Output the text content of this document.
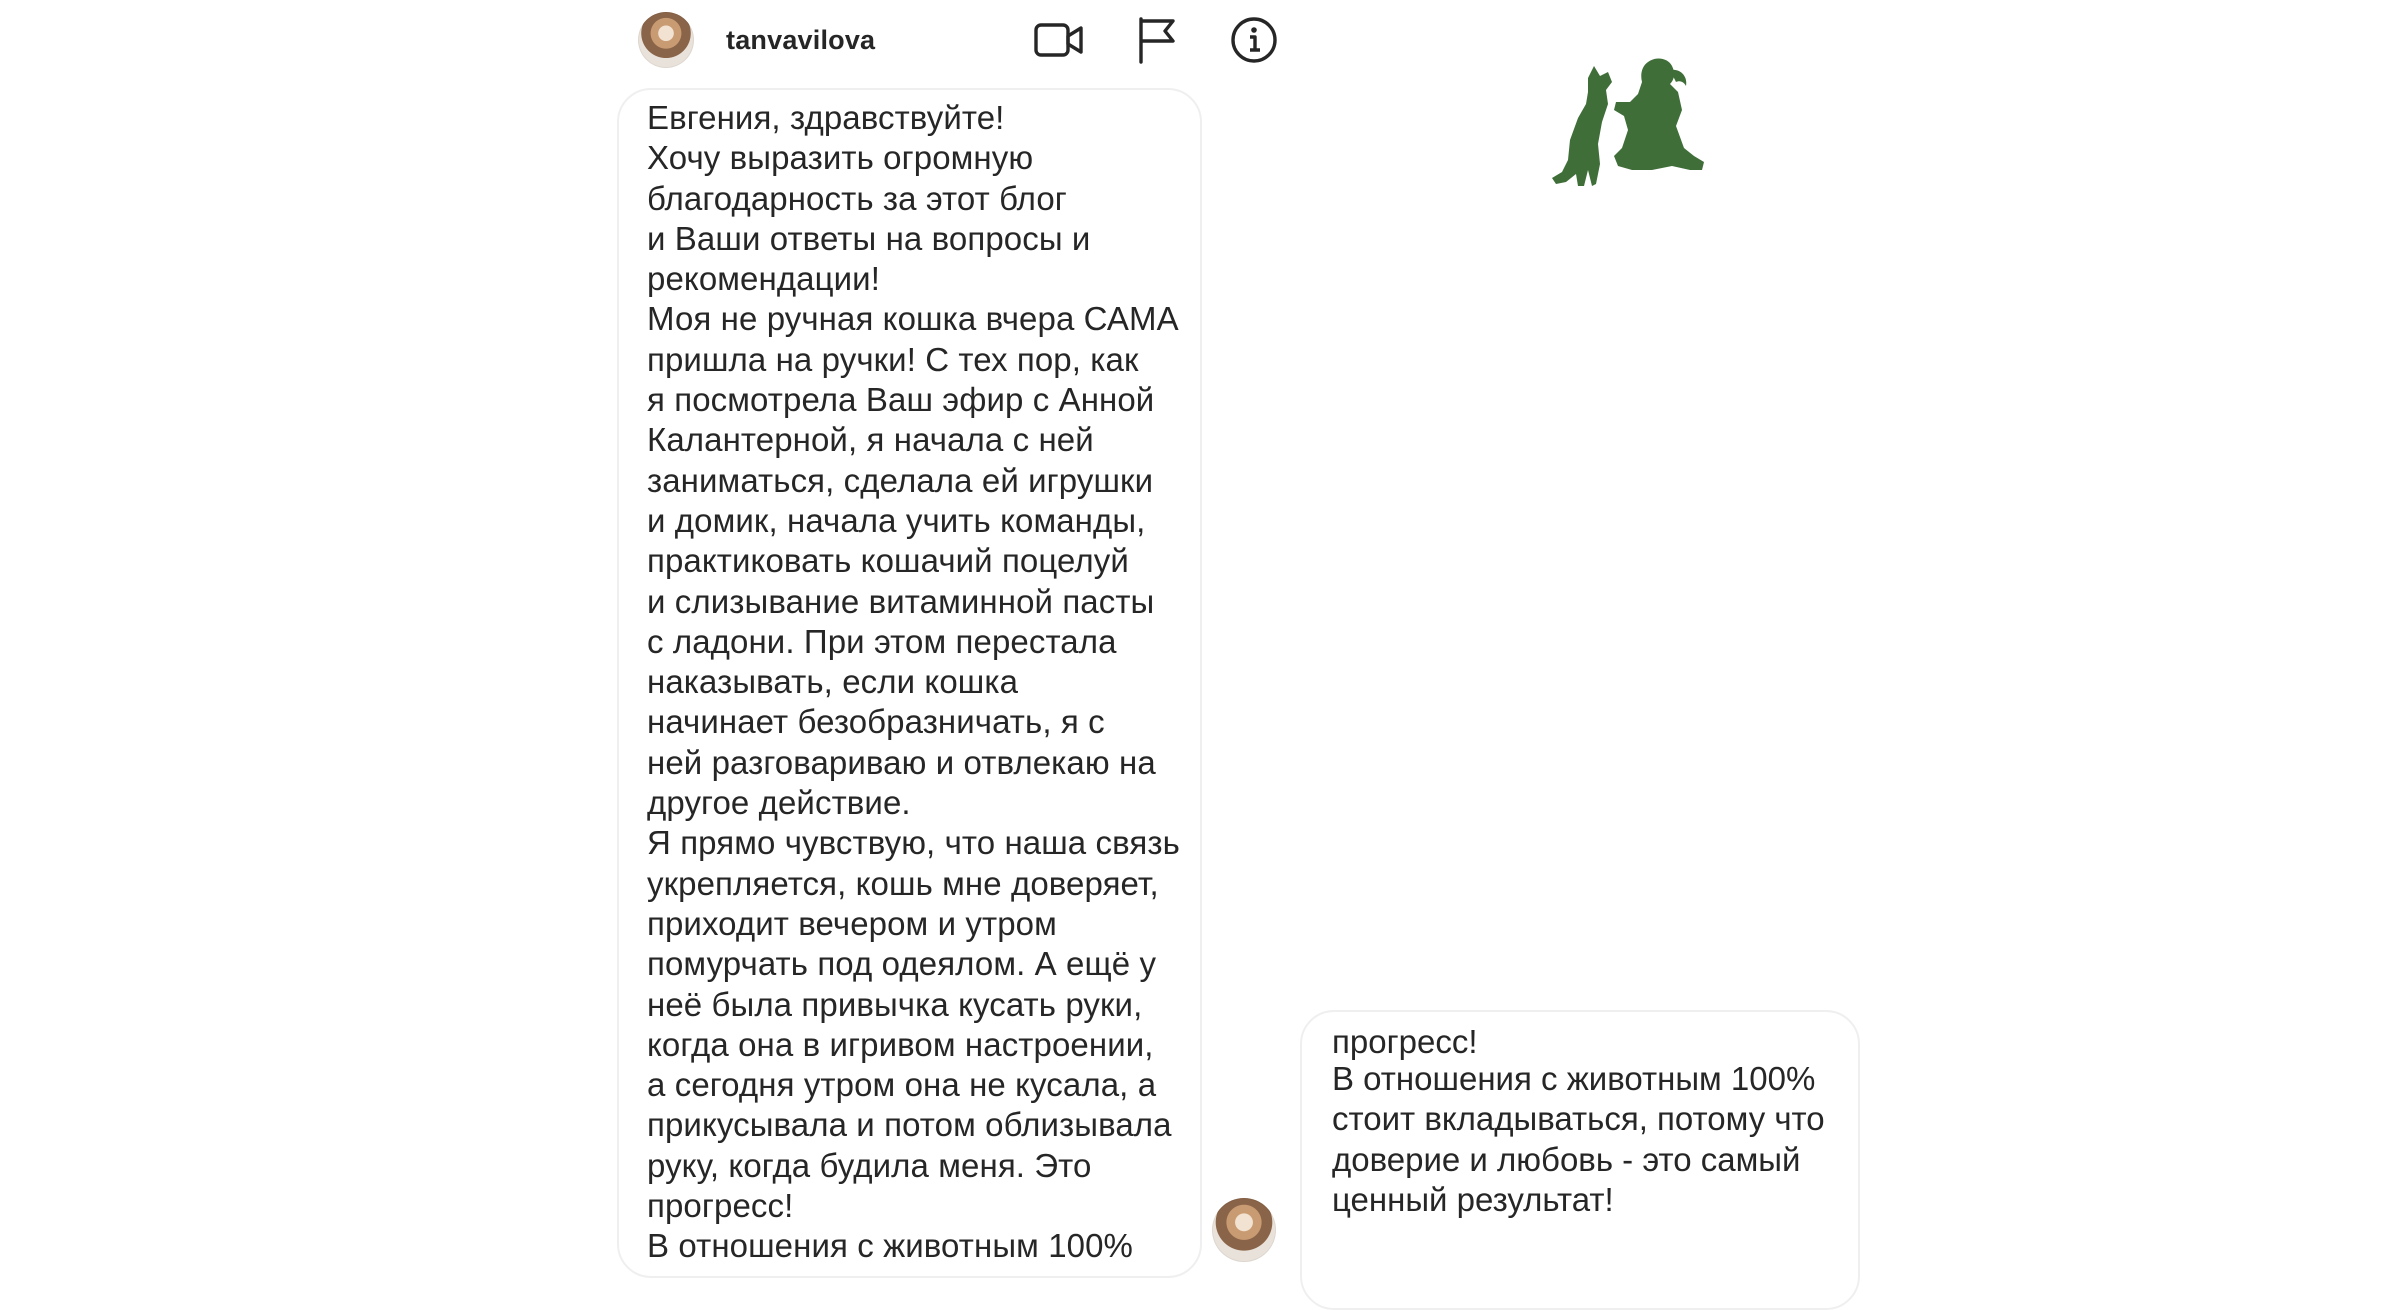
tanvavilova
Евгения, здравствуйте!
Хочу выразить огромную
благодарность за этот блог
и Ваши ответы на вопросы и
рекомендации!
Моя не ручная кошка вчера САМА
пришла на ручки! С тех пор, как
я посмотрела Ваш эфир с Анной
Калантерной, я начала с ней
заниматься, сделала ей игрушки
и домик, начала учить команды,
практиковать кошачий поцелуй
и слизывание витаминной пасты
с ладони. При этом перестала
наказывать, если кошка
начинает безобразничать, я с
ней разговариваю и отвлекаю на
другое действие.
Я прямо чувствую, что наша связь
укрепляется, кошь мне доверяет,
приходит вечером и утром
помурчать под одеялом. А ещё у
неё была привычка кусать руки,
когда она в игривом настроении,
а сегодня утром она не кусала, а
прикусывала и потом облизывала
руку, когда будила меня. Это
прогресс!
В отношения с животным 100%
прогресс!
В отношения с животным 100%
стоит вкладываться, потому что
доверие и любовь - это самый
ценный результат!
